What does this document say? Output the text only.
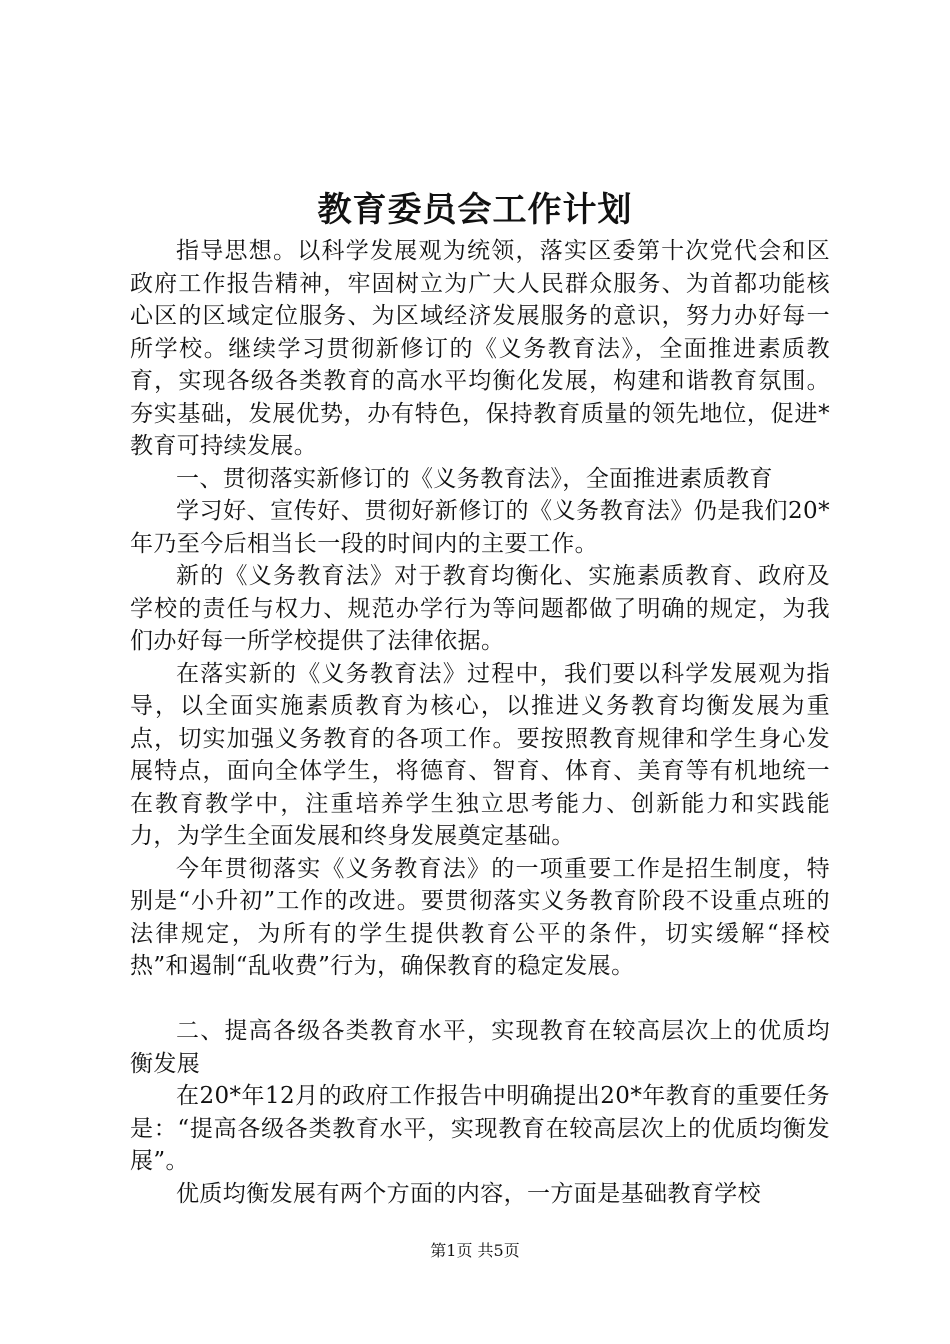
教育委员会工作计划

指导思想。以科学发展观为统领，落实区委第十次党代会和区政府工作报告精神，牢固树立为广大人民群众服务、为首都功能核心区的区域定位服务、为区域经济发展服务的意识，努力办好每一所学校。继续学习贯彻新修订的《义务教育法》，全面推进素质教育，实现各级各类教育的高水平均衡化发展，构建和谐教育氛围。夯实基础，发展优势，办有特色，保持教育质量的领先地位，促进*教育可持续发展。

一、贯彻落实新修订的《义务教育法》，全面推进素质教育

学习好、宣传好、贯彻好新修订的《义务教育法》仍是我们20*年乃至今后相当长一段的时间内的主要工作。

新的《义务教育法》对于教育均衡化、实施素质教育、政府及学校的责任与权力、规范办学行为等问题都做了明确的规定，为我们办好每一所学校提供了法律依据。

在落实新的《义务教育法》过程中，我们要以科学发展观为指导，以全面实施素质教育为核心，以推进义务教育均衡发展为重点，切实加强义务教育的各项工作。要按照教育规律和学生身心发展特点，面向全体学生，将德育、智育、体育、美育等有机地统一在教育教学中，注重培养学生独立思考能力、创新能力和实践能力，为学生全面发展和终身发展奠定基础。

今年贯彻落实《义务教育法》的一项重要工作是招生制度，特别是“小升初”工作的改进。要贯彻落实义务教育阶段不设重点班的法律规定，为所有的学生提供教育公平的条件，切实缓解“择校热”和遏制“乱收费”行为，确保教育的稳定发展。

二、提高各级各类教育水平，实现教育在较高层次上的优质均衡发展

在20*年12月的政府工作报告中明确提出20*年教育的重要任务是：“提高各级各类教育水平，实现教育在较高层次上的优质均衡发展”。

优质均衡发展有两个方面的内容，一方面是基础教育学校

第1页 共5页
